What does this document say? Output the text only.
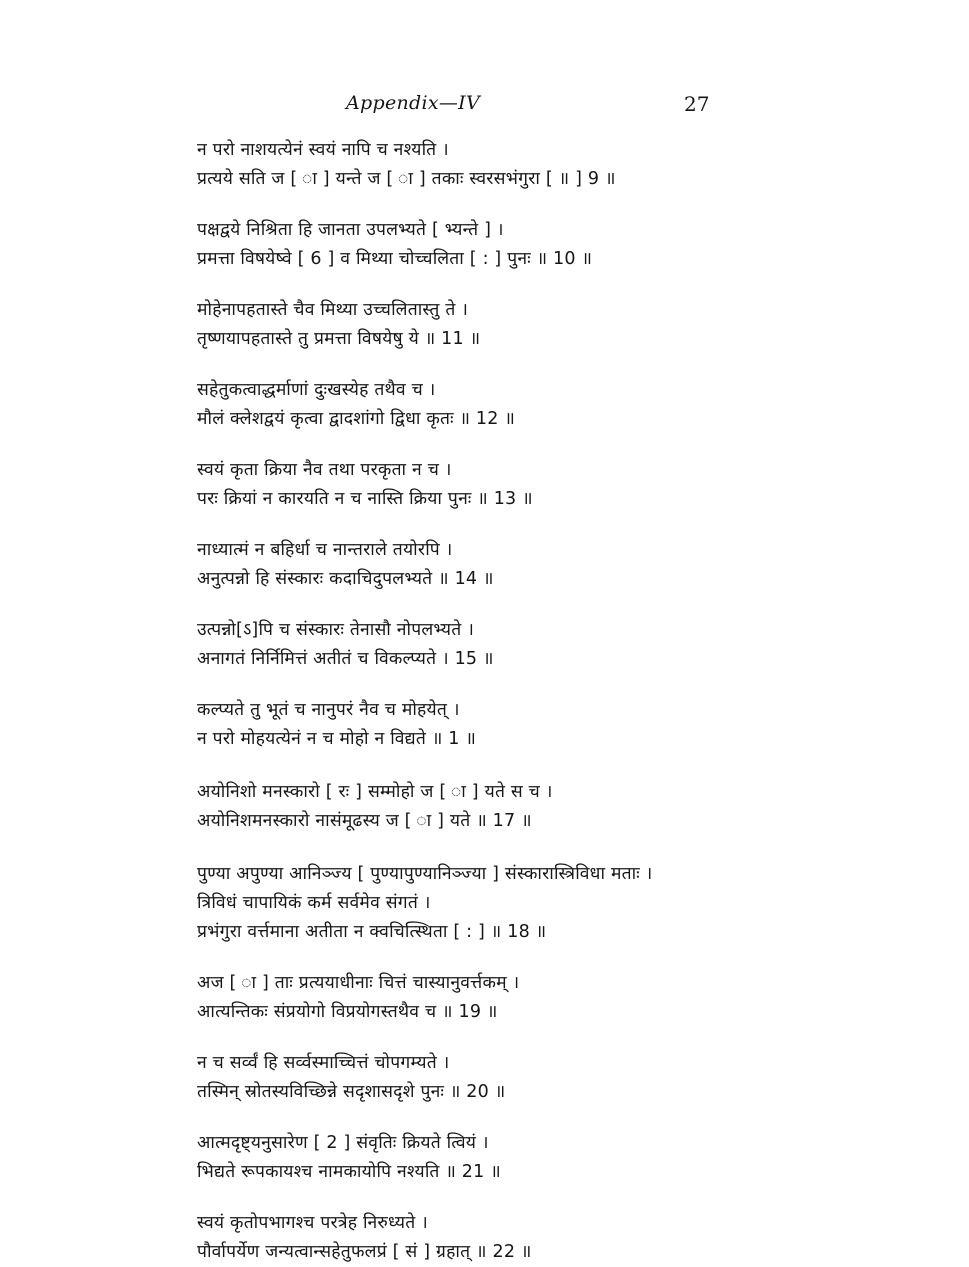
Appendix—IV	27
न परो नाशयत्येनं स्वयं नापि च नश्यति ।
प्रत्यये सति ज [ ा ] यन्ते ज [ ा ] तकाः स्वरसभंगुरा [ ॥ ] 9 ॥
पक्षद्वये निश्रिता हि जानता उपलभ्यते [ भ्यन्ते ] ।
प्रमत्ता विषयेष्वे [ 6 ] व मिथ्या चोच्चलिता [ : ] पुनः ॥ 10 ॥
मोहेनापहतास्ते चैव मिथ्या उच्चलितास्तु ते ।
तृष्णयापहतास्ते तु प्रमत्ता विषयेषु ये ॥ 11 ॥
सहेतुकत्वाद्धर्माणां दुःखस्येह तथैव च ।
मौलं क्लेशद्वयं कृत्वा द्वादशांगो द्विधा कृतः ॥ 12 ॥
स्वयं कृता क्रिया नैव तथा परकृता न च ।
परः क्रियां न कारयति न च नास्ति क्रिया पुनः ॥ 13 ॥
नाध्यात्मं न बहिर्धा च नान्तराले तयोरपि ।
अनुत्पन्नो हि संस्कारः कदाचिदुपलभ्यते ॥ 14 ॥
उत्पन्नो[ऽ]पि च संस्कारः तेनासौ नोपलभ्यते ।
अनागतं निर्निमित्तं अतीतं च विकल्प्यते । 15 ॥
कल्प्यते तु भूतं च नानुपरं नैव च मोहयेत् ।
न परो मोहयत्येनं न च मोहो न विद्यते ॥ 1 ॥
अयोनिशो मनस्कारो [ रः ] सम्मोहो ज [ ा ] यते स च ।
अयोनिशमनस्कारो नासंमूढस्य ज [ ा ] यते ॥ 17 ॥
पुण्या अपुण्या आनिञ्ज्य [ पुण्यापुण्यानिञ्ज्या ] संस्कारास्त्रिविधा मताः ।
त्रिविधं चापायिकं कर्म सर्वमेव संगतं ।
प्रभंगुरा वर्त्तमाना अतीता न क्वचित्स्थिता [ : ] ॥ 18 ॥
अज [ ा ] ताः प्रत्ययाधीनाः चित्तं चास्यानुवर्त्तकम् ।
आत्यन्तिकः संप्रयोगो विप्रयोगस्तथैव च ॥ 19 ॥
न च सर्व्वं हि सर्व्वस्माच्चित्तं चोपगम्यते ।
तस्मिन् स्रोतस्यविच्छिन्ने सदृशासदृशे पुनः ॥ 20 ॥
आत्मदृष्ट्यनुसारेण [ 2 ] संवृतिः क्रियते त्वियं ।
भिद्यते रूपकायश्च नामकायोपि नश्यति ॥ 21 ॥
स्वयं कृतोपभागश्च परत्रेह निरुध्यते ।
पौर्वापर्येण जन्यत्वान्सहेतुफलप्रं [ सं ] ग्रहात् ॥ 22 ॥
